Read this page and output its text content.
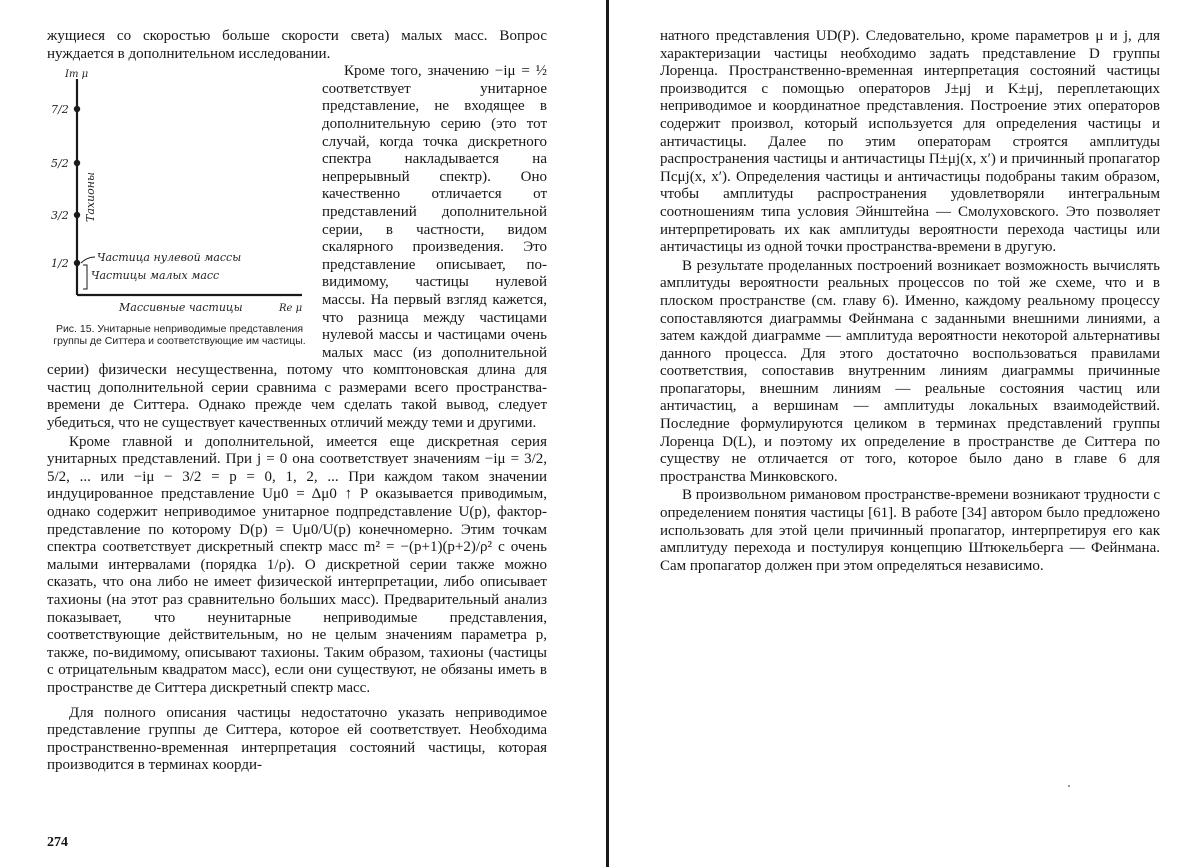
жущиеся со скоростью больше скорости света) малых масс. Вопрос нуждается в дополнительном исследовании.

Im μ
Re μ
7/2
5/2
3/2
1/2
Тахионы
Частица нулевой массы
Частицы малых масс
Массивные частицы
Рис. 15. Унитарные неприводимые представления группы де Ситтера и соответствующие им частицы.

Кроме того, значению −iμ = ½ соответствует унитарное представление, не входящее в дополнительную серию (это тот случай, когда точка дискретного спектра накладывается на непрерывный спектр). Оно качественно отличается от представлений дополнительной серии, в частности, видом скалярного произведения. Это представление описывает, по-видимому, частицы нулевой массы. На первый взгляд кажется, что разница между частицами нулевой массы и частицами очень малых масс (из дополнительной серии) физически несущественна, потому что комптоновская длина для частиц дополнительной серии сравнима с размерами всего пространства-времени де Ситтера. Однако прежде чем сделать такой вывод, следует убедиться, что не существует качественных отличий между теми и другими.

Кроме главной и дополнительной, имеется еще дискретная серия унитарных представлений. При j = 0 она соответствует значениям −iμ = 3/2, 5/2, ... или −iμ − 3/2 = p = 0, 1, 2, ... При каждом таком значении индуцированное представление Uμ0 = Δμ0 ↑ P оказывается приводимым, однако содержит неприводимое унитарное подпредставление U(p), фактор-представление по которому D(p) = Uμ0/U(p) конечномерно. Этим точкам спектра соответствует дискретный спектр масс m² = −(p+1)(p+2)/ρ² с очень малыми интервалами (порядка 1/ρ). О дискретной серии также можно сказать, что она либо не имеет физической интерпретации, либо описывает тахионы (на этот раз сравнительно больших масс). Предварительный анализ показывает, что неунитарные неприводимые представления, соответствующие действительным, но не целым значениям параметра p, также, по-видимому, описывают тахионы. Таким образом, тахионы (частицы с отрицательным квадратом масс), если они существуют, не обязаны иметь в пространстве де Ситтера дискретный спектр масс.

Для полного описания частицы недостаточно указать неприводимое представление группы де Ситтера, которое ей соответствует. Необходима пространственно-временная интерпретация состояний частицы, которая производится в терминах коорди-

274

натного представления UD(P). Следовательно, кроме параметров μ и j, для характеризации частицы необходимо задать представление D группы Лоренца. Пространственно-временная интерпретация состояний частицы производится с помощью операторов J±μj и K±μj, переплетающих неприводимое и координатное представления. Построение этих операторов содержит произвол, который используется для определения частицы и античастицы. Далее по этим операторам строятся амплитуды распространения частицы и античастицы Π±μj(x, x′) и причинный пропагатор Πcμj(x, x′). Определения частицы и античастицы подобраны таким образом, чтобы амплитуды распространения удовлетворяли интегральным соотношениям типа условия Эйнштейна — Смолуховского. Это позволяет интерпретировать их как амплитуды вероятности перехода частицы или античастицы из одной точки пространства-времени в другую.

В результате проделанных построений возникает возможность вычислять амплитуды вероятности реальных процессов по той же схеме, что и в плоском пространстве (см. главу 6). Именно, каждому реальному процессу сопоставляются диаграммы Фейнмана с заданными внешними линиями, а затем каждой диаграмме — амплитуда вероятности некоторой альтернативы данного процесса. Для этого достаточно воспользоваться правилами соответствия, сопоставив внутренним линиям диаграммы причинные пропагаторы, внешним линиям — реальные состояния частиц или античастиц, а вершинам — амплитуды локальных взаимодействий. Последние формулируются целиком в терминах представлений группы Лоренца D(L), и поэтому их определение в пространстве де Ситтера по существу не отличается от того, которое было дано в главе 6 для пространства Минковского.

В произвольном римановом пространстве-времени возникают трудности с определением понятия частицы [61]. В работе [34] автором было предложено использовать для этой цели причинный пропагатор, интерпретируя его как амплитуду перехода и постулируя концепцию Штюкельберга — Фейнмана. Сам пропагатор должен при этом определяться независимо.
